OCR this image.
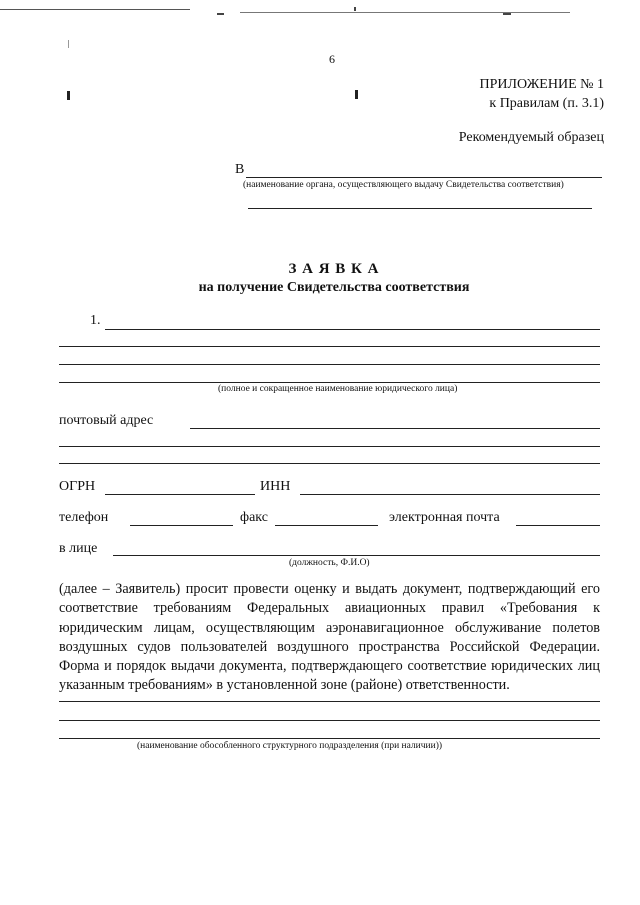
6
ПРИЛОЖЕНИЕ № 1
к Правилам (п. 3.1)
Рекомендуемый образец
В
(наименование органа, осуществляющего выдачу Свидетельства соответствия)
З А Я В К А
на получение Свидетельства соответствия
1.
(полное и сокращенное наименование юридического лица)
почтовый адрес
ОГРН	ИНН
телефон	факс	электронная почта
в лице
(должность, Ф.И.О)
(далее – Заявитель) просит провести оценку и выдать документ, подтверждающий его соответствие требованиям Федеральных авиационных правил «Требования к юридическим лицам, осуществляющим аэронавигационное обслуживание полетов воздушных судов пользователей воздушного пространства Российской Федерации. Форма и порядок выдачи документа, подтверждающего соответствие юридических лиц указанным требованиям» в установленной зоне (районе) ответственности.
(наименование обособленного структурного подразделения (при наличии))
